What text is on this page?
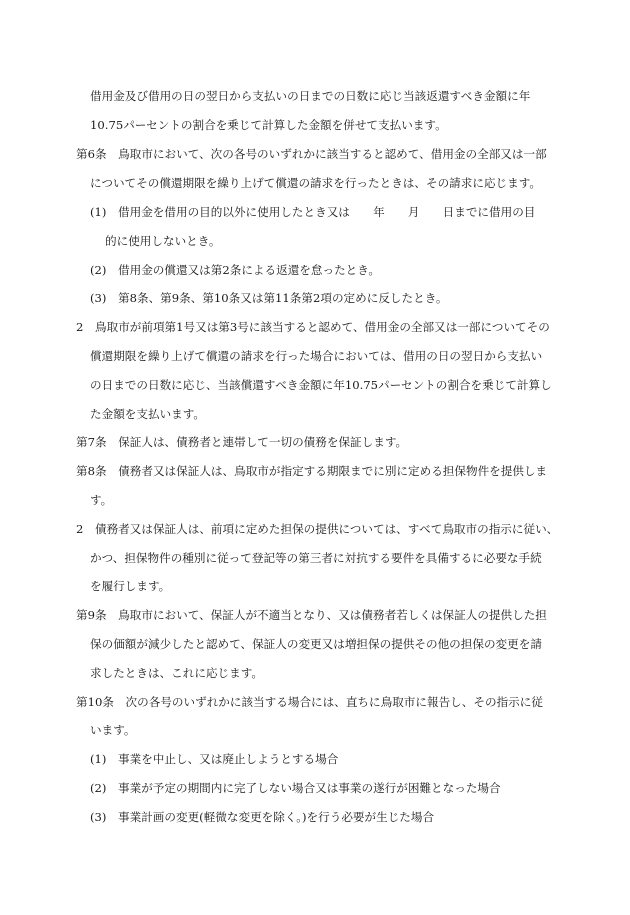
借用金及び借用の日の翌日から支払いの日までの日数に応じ当該返還すべき金額に年
10.75パーセントの割合を乗じて計算した金額を併せて支払います。
第6条　鳥取市において、次の各号のいずれかに該当すると認めて、借用金の全部又は一部
についてその償還期限を繰り上げて償還の請求を行ったときは、その請求に応じます。
(1)　借用金を借用の目的以外に使用したとき又は　　年　　月　　日までに借用の目
的に使用しないとき。
(2)　借用金の償還又は第2条による返還を怠ったとき。
(3)　第8条、第9条、第10条又は第11条第2項の定めに反したとき。
2　鳥取市が前項第1号又は第3号に該当すると認めて、借用金の全部又は一部についてその
償還期限を繰り上げて償還の請求を行った場合においては、借用の日の翌日から支払い
の日までの日数に応じ、当該償還すべき金額に年10.75パーセントの割合を乗じて計算し
た金額を支払います。
第7条　保証人は、債務者と連帯して一切の債務を保証します。
第8条　債務者又は保証人は、鳥取市が指定する期限までに別に定める担保物件を提供しま
す。
2　債務者又は保証人は、前項に定めた担保の提供については、すべて鳥取市の指示に従い、
かつ、担保物件の種別に従って登記等の第三者に対抗する要件を具備するに必要な手続
を履行します。
第9条　鳥取市において、保証人が不適当となり、又は債務者若しくは保証人の提供した担
保の価額が減少したと認めて、保証人の変更又は増担保の提供その他の担保の変更を請
求したときは、これに応じます。
第10条　次の各号のいずれかに該当する場合には、直ちに鳥取市に報告し、その指示に従
います。
(1)　事業を中止し、又は廃止しようとする場合
(2)　事業が予定の期間内に完了しない場合又は事業の遂行が困難となった場合
(3)　事業計画の変更(軽微な変更を除く。)を行う必要が生じた場合
